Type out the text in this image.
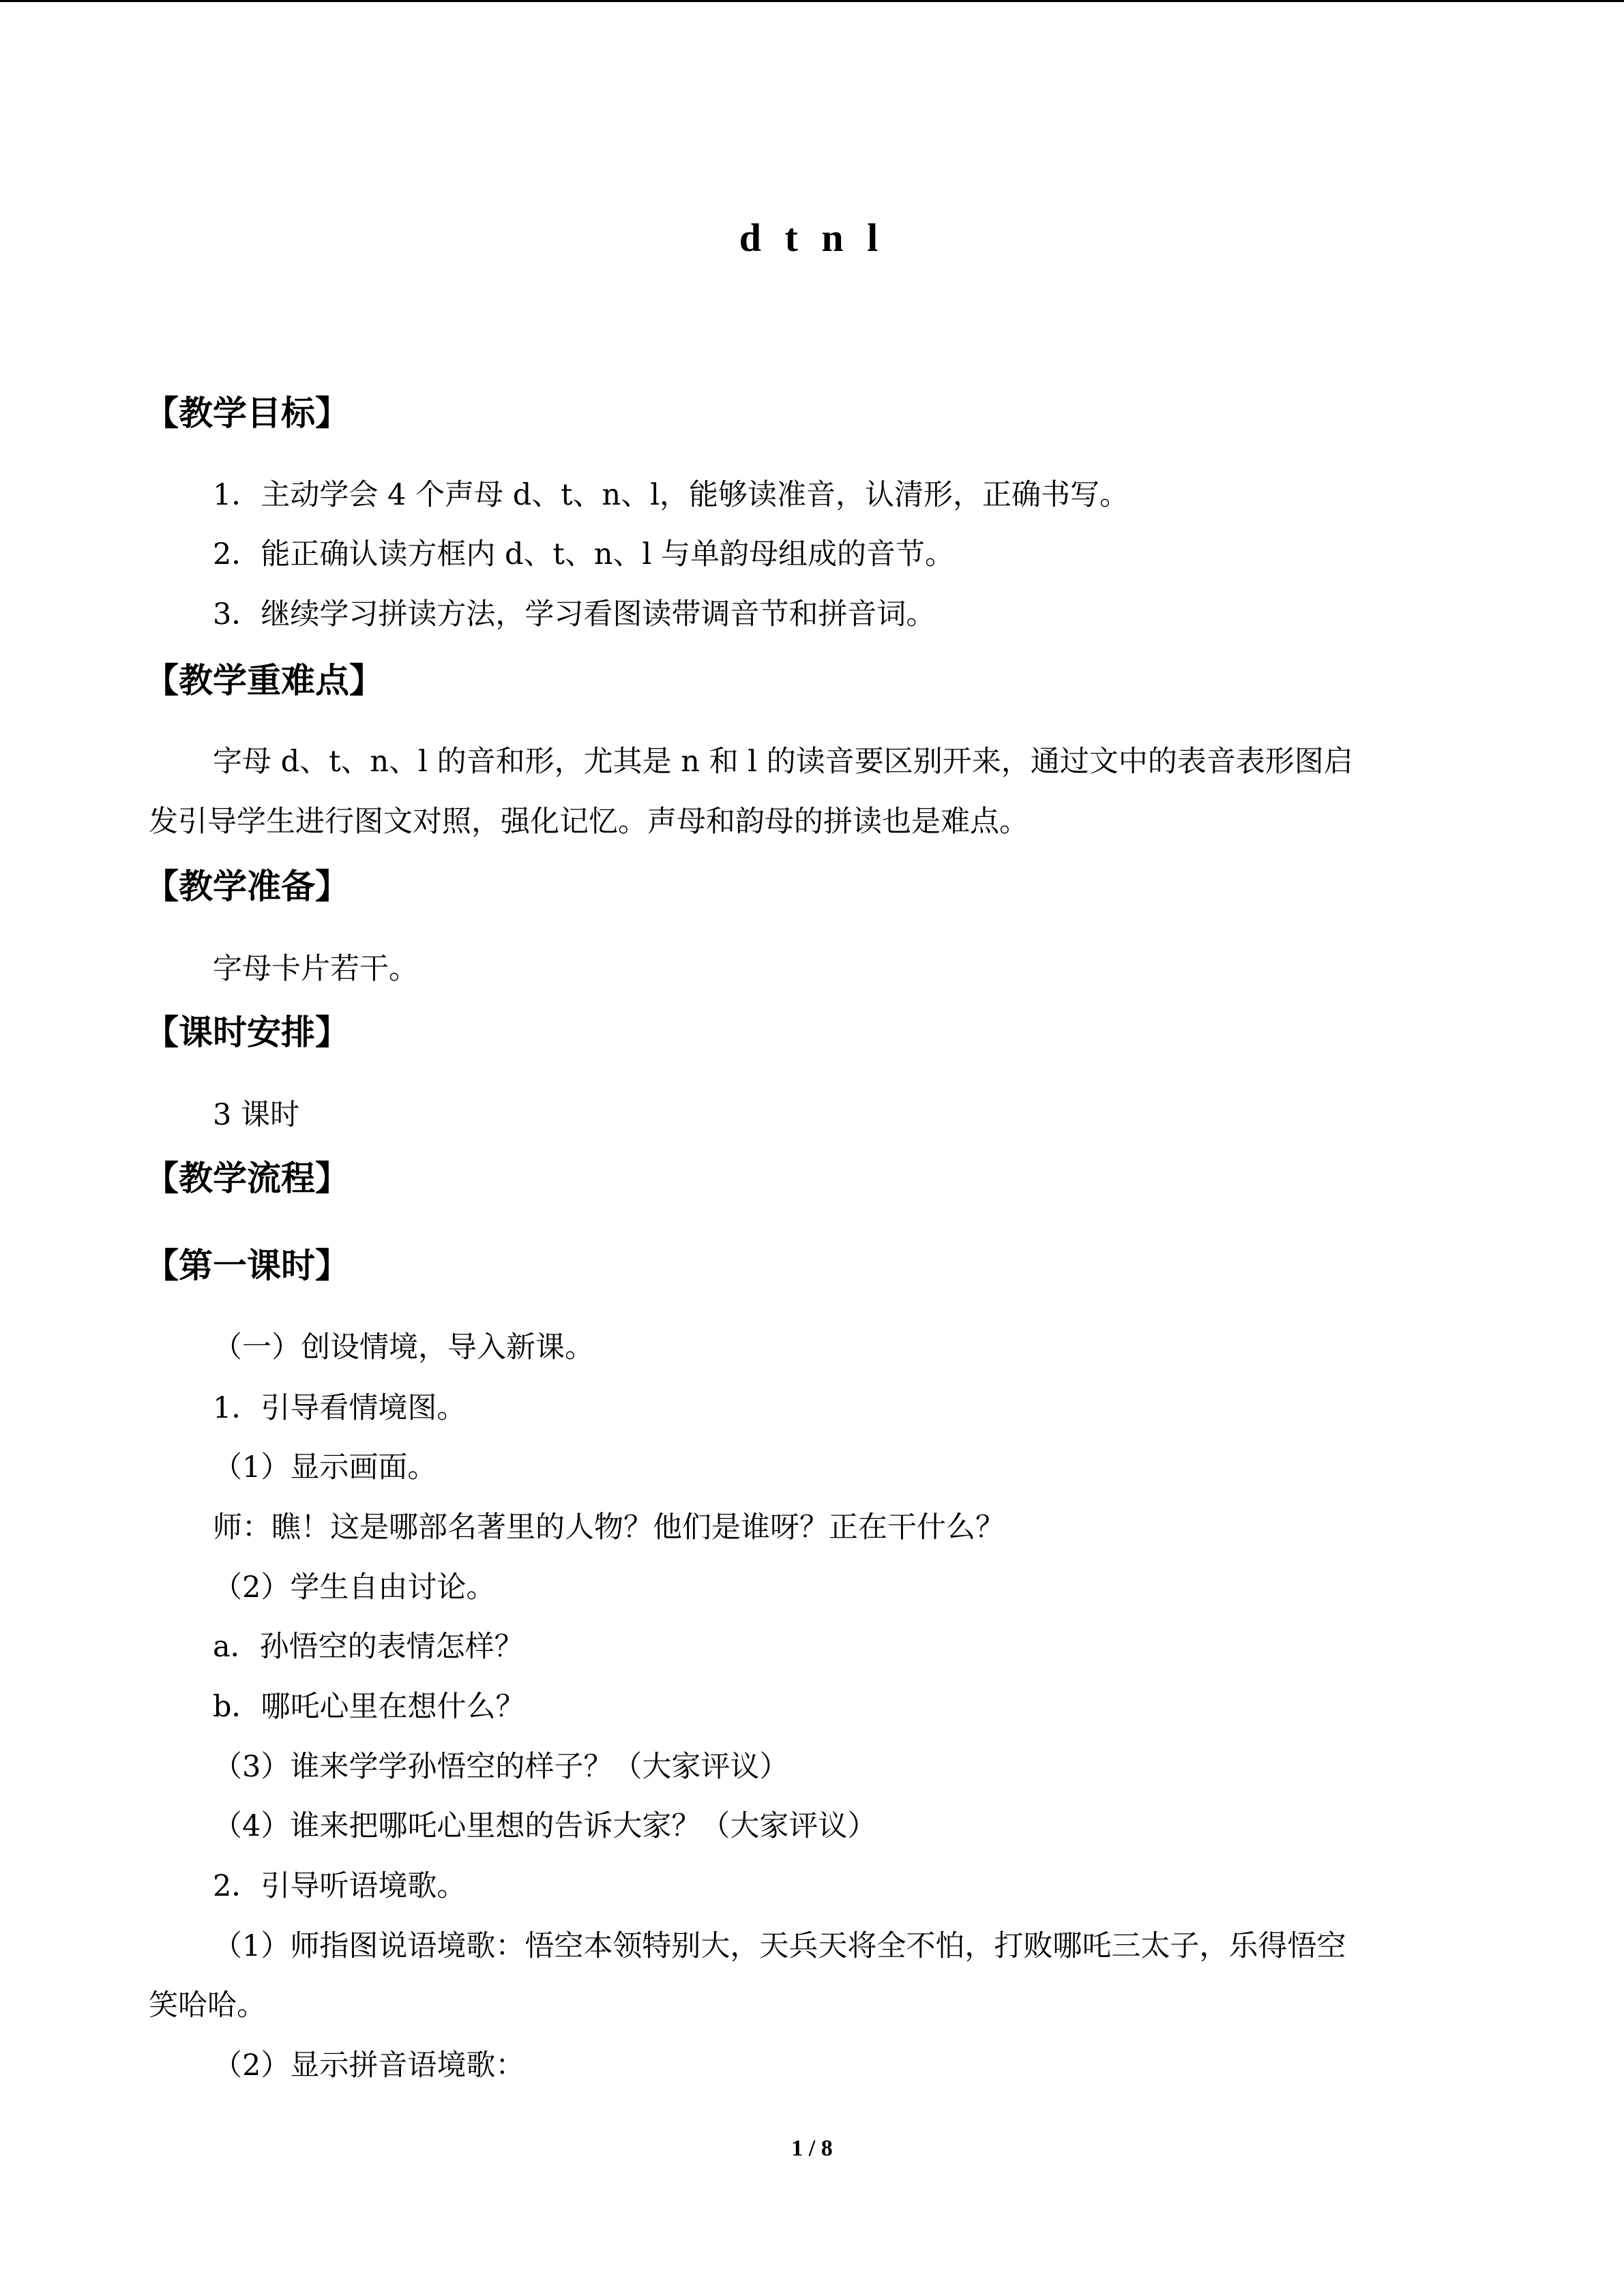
d t n l
【教学目标】
1．主动学会 4 个声母 d、t、n、l，能够读准音，认清形，正确书写。
2．能正确认读方框内 d、t、n、l 与单韵母组成的音节。
3．继续学习拼读方法，学习看图读带调音节和拼音词。
【教学重难点】
字母 d、t、n、l 的音和形，尤其是 n 和 l 的读音要区别开来，通过文中的表音表形图启
发引导学生进行图文对照，强化记忆。声母和韵母的拼读也是难点。
【教学准备】
字母卡片若干。
【课时安排】
3 课时
【教学流程】
【第一课时】
（一）创设情境，导入新课。
1．引导看情境图。
（1）显示画面。
师：瞧！这是哪部名著里的人物？他们是谁呀？正在干什么？
（2）学生自由讨论。
a．孙悟空的表情怎样？
b．哪吒心里在想什么？
（3）谁来学学孙悟空的样子？（大家评议）
（4）谁来把哪吒心里想的告诉大家？（大家评议）
2．引导听语境歌。
（1）师指图说语境歌：悟空本领特别大，天兵天将全不怕，打败哪吒三太子，乐得悟空
笑哈哈。
（2）显示拼音语境歌：
1 / 8
